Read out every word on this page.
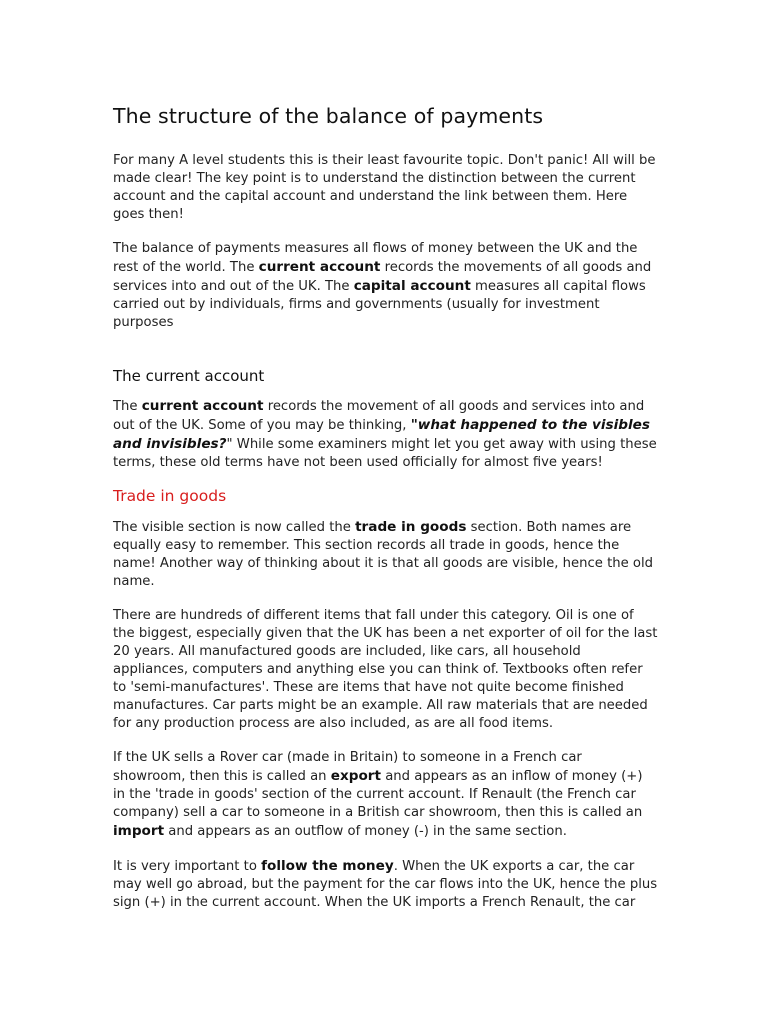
The structure of the balance of payments

For many A level students this is their least favourite topic. Don't panic! All will be made clear! The key point is to understand the distinction between the current account and the capital account and understand the link between them. Here goes then!

The balance of payments measures all flows of money between the UK and the rest of the world. The current account records the movements of all goods and services into and out of the UK. The capital account measures all capital flows carried out by individuals, firms and governments (usually for investment purposes

The current account

The current account records the movement of all goods and services into and out of the UK. Some of you may be thinking, "what happened to the visibles and invisibles?" While some examiners might let you get away with using these terms, these old terms have not been used officially for almost five years!

Trade in goods

The visible section is now called the trade in goods section. Both names are equally easy to remember. This section records all trade in goods, hence the name! Another way of thinking about it is that all goods are visible, hence the old name.

There are hundreds of different items that fall under this category. Oil is one of the biggest, especially given that the UK has been a net exporter of oil for the last 20 years. All manufactured goods are included, like cars, all household appliances, computers and anything else you can think of. Textbooks often refer to 'semi-manufactures'. These are items that have not quite become finished manufactures. Car parts might be an example. All raw materials that are needed for any production process are also included, as are all food items.

If the UK sells a Rover car (made in Britain) to someone in a French car showroom, then this is called an export and appears as an inflow of money (+) in the 'trade in goods' section of the current account. If Renault (the French car company) sell a car to someone in a British car showroom, then this is called an import and appears as an outflow of money (-) in the same section.

It is very important to follow the money. When the UK exports a car, the car may well go abroad, but the payment for the car flows into the UK, hence the plus sign (+) in the current account. When the UK imports a French Renault, the car
